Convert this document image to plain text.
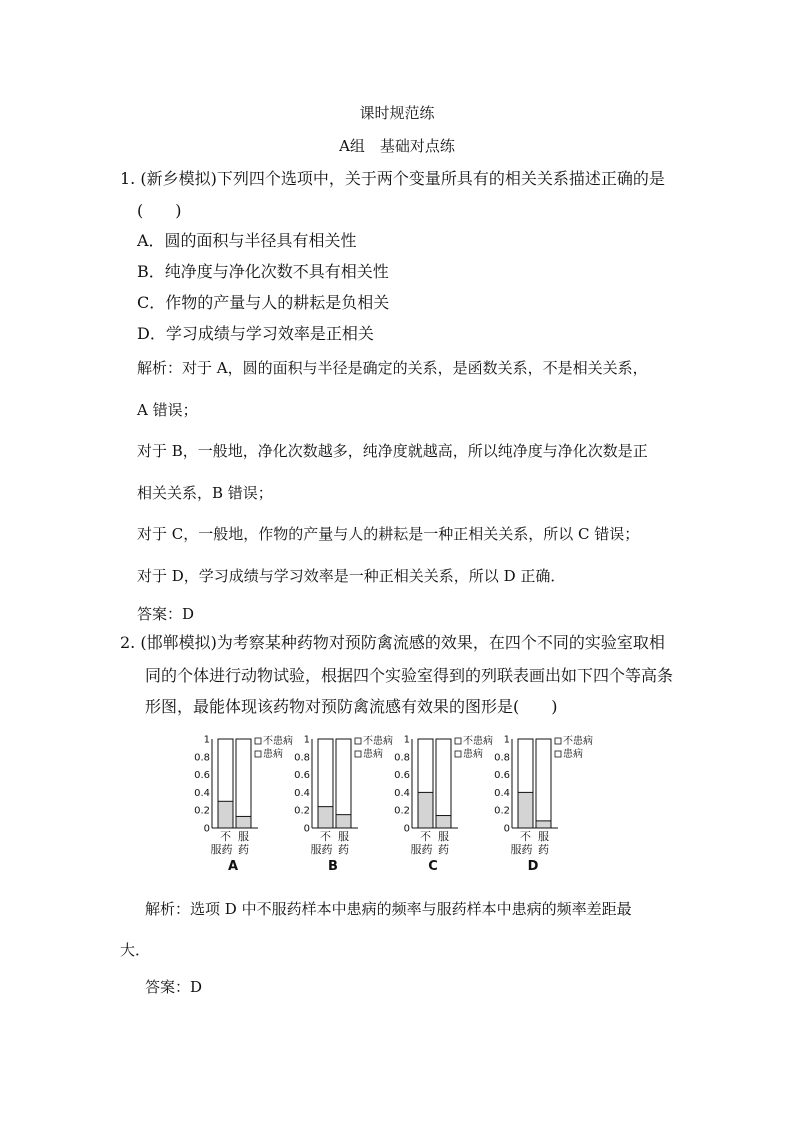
课时规范练
A组　基础对点练
1. (新乡模拟)下列四个选项中，关于两个变量所具有的相关关系描述正确的是
(　　)
A．圆的面积与半径具有相关性
B．纯净度与净化次数不具有相关性
C．作物的产量与人的耕耘是负相关
D．学习成绩与学习效率是正相关
解析：对于 A，圆的面积与半径是确定的关系，是函数关系，不是相关关系，
A 错误；
对于 B，一般地，净化次数越多，纯净度就越高，所以纯净度与净化次数是正
相关关系，B 错误；
对于 C，一般地，作物的产量与人的耕耘是一种正相关关系，所以 C 错误；
对于 D，学习成绩与学习效率是一种正相关关系，所以 D 正确．
答案：D
2. (邯郸模拟)为考察某种药物对预防禽流感的效果，在四个不同的实验室取相
同的个体进行动物试验，根据四个实验室得到的列联表画出如下四个等高条
形图，最能体现该药物对预防禽流感有效果的图形是(　　)
0
0.2
0.4
0.6
0.8
1
不
服药
服
药
A
不患病
患病
0
0.2
0.4
0.6
0.8
1
不
服药
服
药
B
不患病
患病
0
0.2
0.4
0.6
0.8
1
不
服药
服
药
C
不患病
患病
0
0.2
0.4
0.6
0.8
1
不
服药
服
药
D
不患病
患病
解析：选项 D 中不服药样本中患病的频率与服药样本中患病的频率差距最
大．
答案：D
